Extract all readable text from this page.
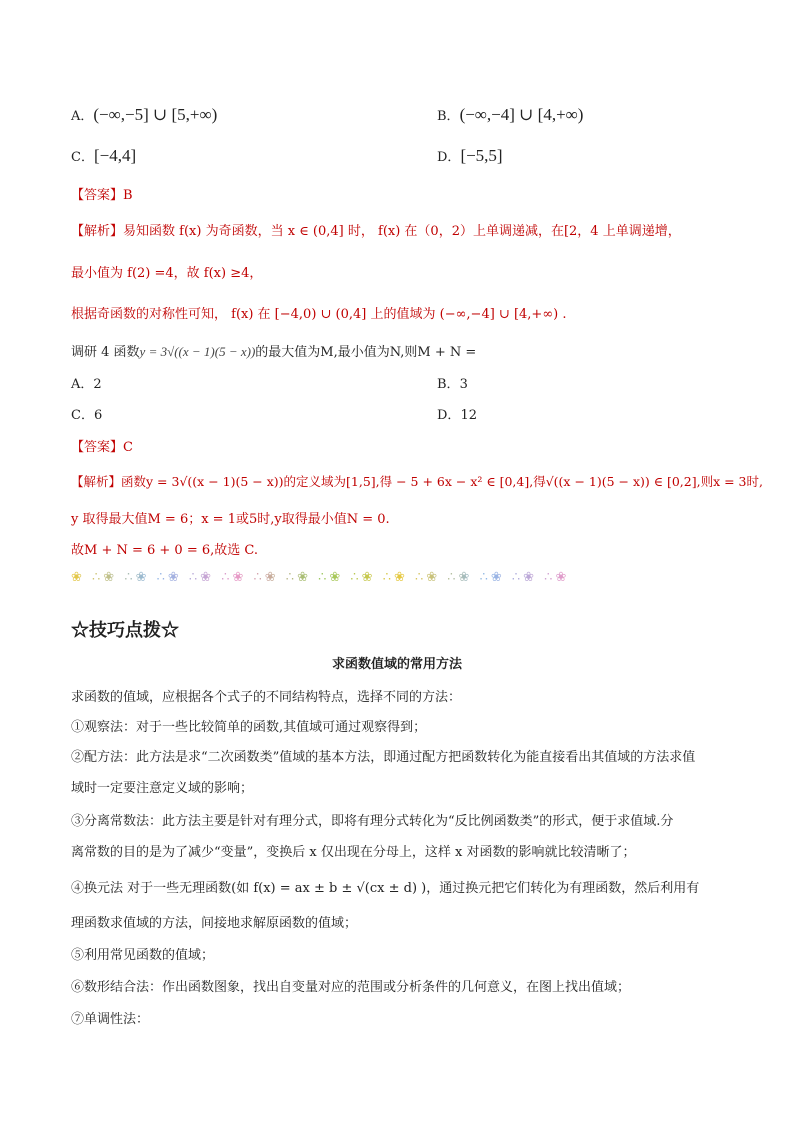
A．(−∞,−5] ∪ [5,+∞)	B．(−∞,−4] ∪ [4,+∞)
C．[−4,4]	D．[−5,5]
【答案】B
【解析】易知函数 f(x) 为奇函数，当 x ∈ (0,4] 时， f(x) 在（0，2）上单调递减，在[2，4 上单调递增，
最小值为 f(2) =4，故 f(x) ≥4，
根据奇函数的对称性可知， f(x) 在 [−4,0) ∪ (0,4] 上的值域为 (−∞,−4] ∪ [4,+∞) .
调研 4 函数y = 3√((x − 1)(5 − x))的最大值为M,最小值为N,则M + N =
A．2	B．3
C．6	D．12
【答案】C
【解析】函数y = 3√((x − 1)(5 − x))的定义域为[1,5],得 − 5 + 6x − x² ∈ [0,4],得√((x − 1)(5 − x)) ∈ [0,2],则x = 3时,
y 取得最大值M = 6；x = 1或5时,y取得最小值N = 0.
故M + N = 6 + 0 = 6,故选 C.
❀ ∴❀ ∴❀ ∴❀ ∴❀ ∴❀ ∴❀ ∴❀ ∴❀ ∴❀ ∴❀ ∴❀ ∴❀ ∴❀ ∴❀ ∴❀
☆技巧点拨☆
求函数值域的常用方法
求函数的值域，应根据各个式子的不同结构特点，选择不同的方法：
①观察法：对于一些比较简单的函数,其值域可通过观察得到；
②配方法：此方法是求“二次函数类”值域的基本方法，即通过配方把函数转化为能直接看出其值域的方法求值
域时一定要注意定义域的影响；
③分离常数法：此方法主要是针对有理分式，即将有理分式转化为“反比例函数类”的形式，便于求值域.分
离常数的目的是为了减少“变量”，变换后 x 仅出现在分母上，这样 x 对函数的影响就比较清晰了；
④换元法 对于一些无理函数(如 f(x) = ax ± b ± √(cx ± d) )，通过换元把它们转化为有理函数，然后利用有
理函数求值域的方法，间接地求解原函数的值域；
⑤利用常见函数的值域；
⑥数形结合法：作出函数图象，找出自变量对应的范围或分析条件的几何意义，在图上找出值域；
⑦单调性法：
